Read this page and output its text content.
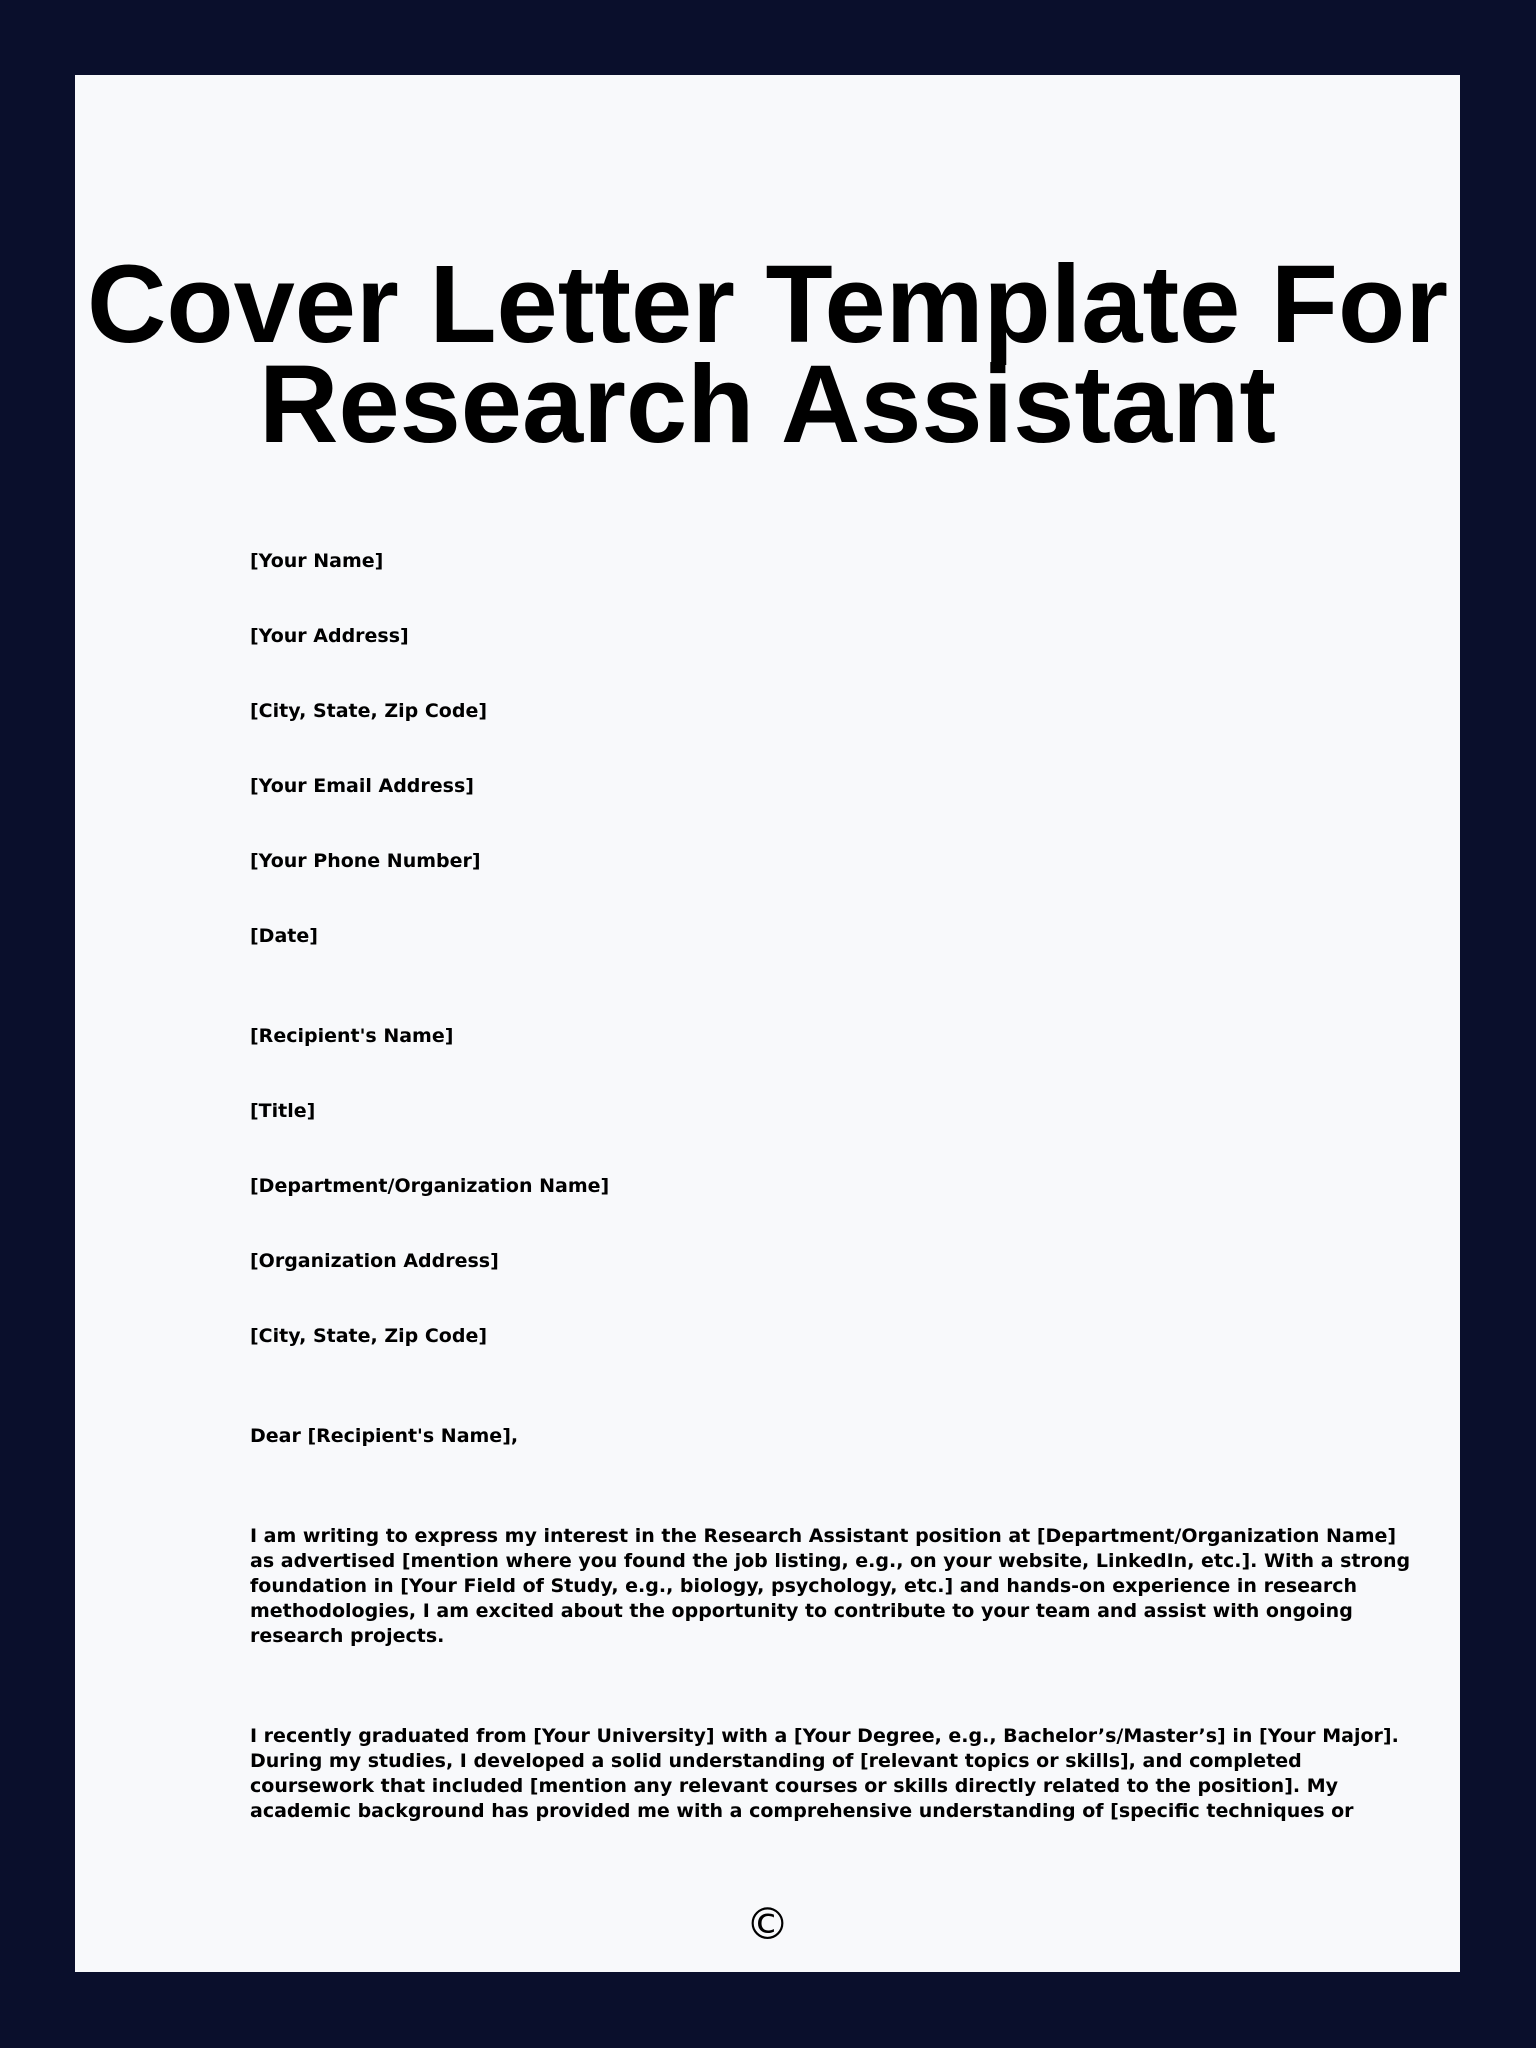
Cover Letter Template For
Research Assistant
[Your Name]
[Your Address]
[City, State, Zip Code]
[Your Email Address]
[Your Phone Number]
[Date]
[Recipient's Name]
[Title]
[Department/Organization Name]
[Organization Address]
[City, State, Zip Code]
Dear [Recipient's Name],
I am writing to express my interest in the Research Assistant position at [Department/Organization Name]
as advertised [mention where you found the job listing, e.g., on your website, LinkedIn, etc.]. With a strong
foundation in [Your Field of Study, e.g., biology, psychology, etc.] and hands-on experience in research
methodologies, I am excited about the opportunity to contribute to your team and assist with ongoing
research projects.
I recently graduated from [Your University] with a [Your Degree, e.g., Bachelor’s/Master’s] in [Your Major].
During my studies, I developed a solid understanding of [relevant topics or skills], and completed
coursework that included [mention any relevant courses or skills directly related to the position]. My
academic background has provided me with a comprehensive understanding of [specific techniques or
©
